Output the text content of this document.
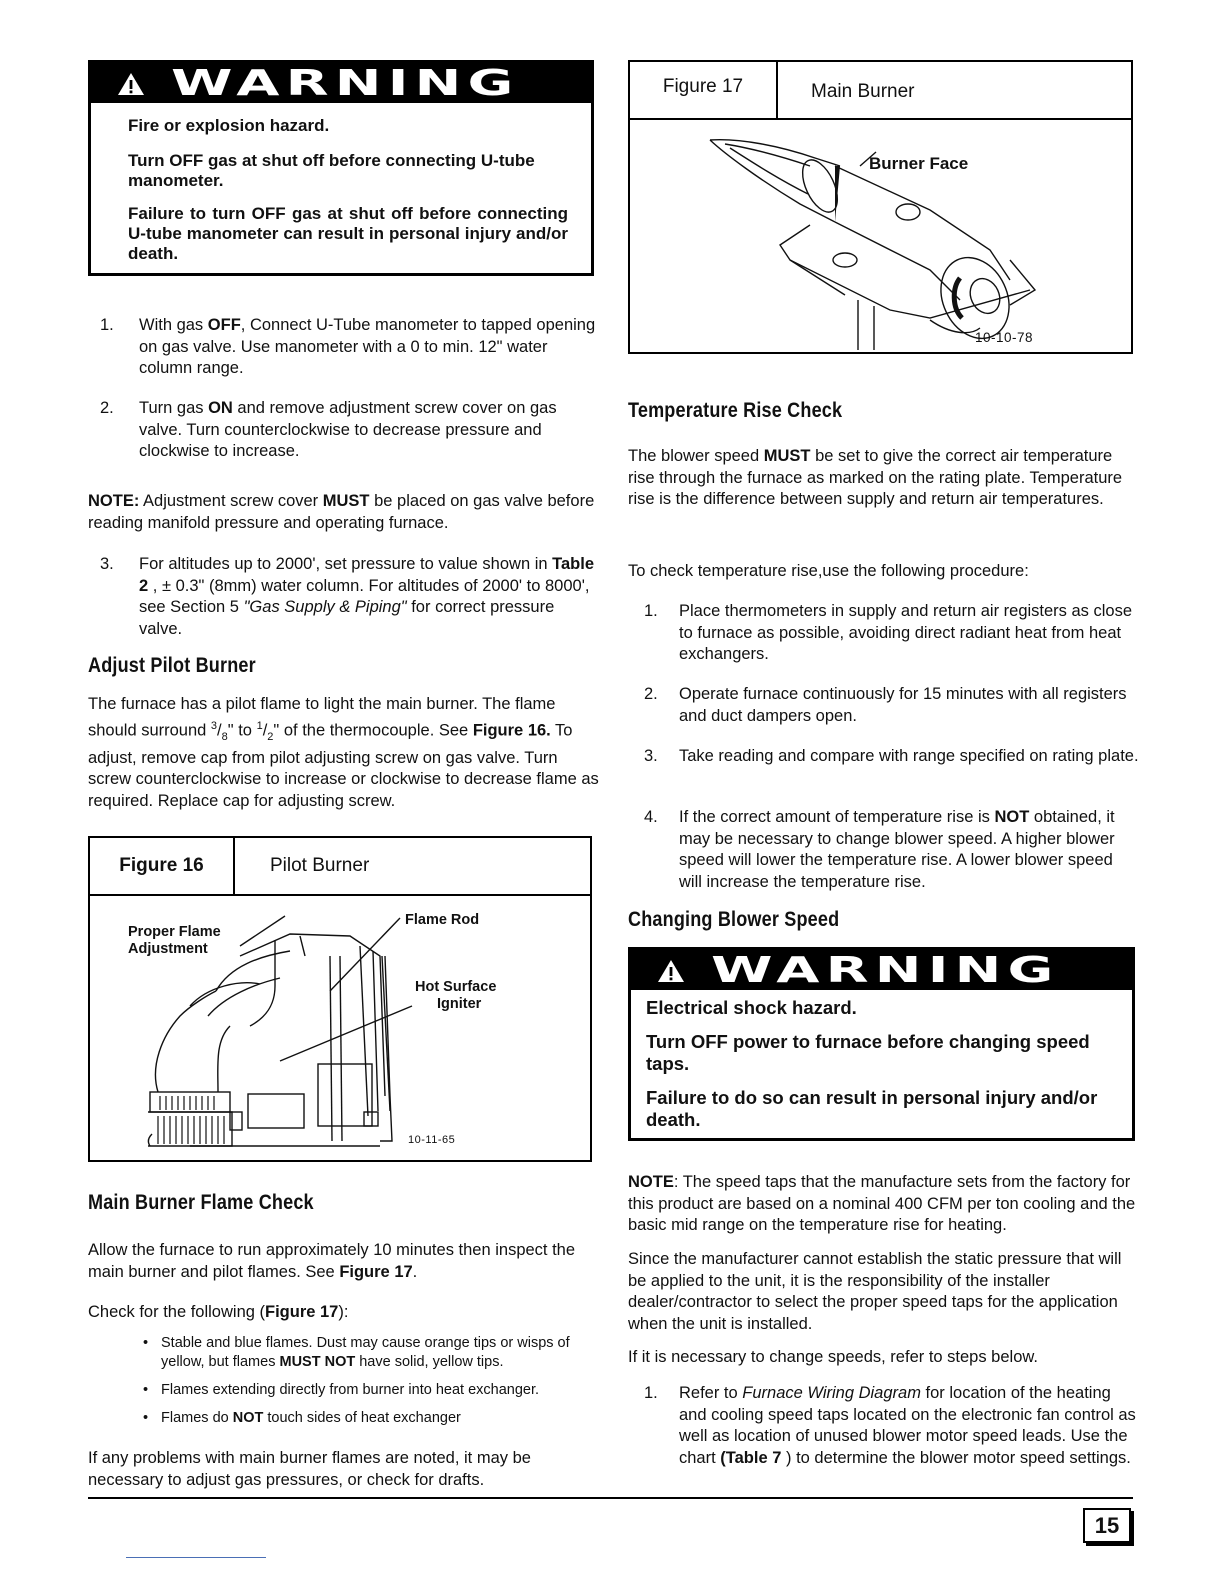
WARNING

Fire or explosion hazard.

Turn OFF gas at shut off before connecting U-tube manometer.

Failure to turn OFF gas at shut off before connecting U-tube manometer can result in personal injury and/or death.

1. With gas OFF, Connect U-Tube manometer to tapped opening on gas valve. Use manometer with a 0 to min. 12" water column range.

2. Turn gas ON and remove adjustment screw cover on gas valve. Turn counterclockwise to decrease pressure and clockwise to increase.

NOTE: Adjustment screw cover MUST be placed on gas valve before reading manifold pressure and operating furnace.

3. For altitudes up to 2000', set pressure to value shown in Table 2 , ± 0.3" (8mm) water column. For altitudes of 2000' to 8000', see Section 5 "Gas Supply & Piping" for correct pressure valve.

Adjust Pilot Burner

The furnace has a pilot flame to light the main burner. The flame should surround $^3/_8$" to $^1/_2$" of the thermocouple. See Figure 16. To adjust, remove cap from pilot adjusting screw on gas valve. Turn screw counterclockwise to increase or clockwise to decrease flame as required. Replace cap for adjusting screw.

Figure 16	Pilot Burner
Proper Flame
Adjustment
Flame Rod
Hot Surface
Igniter
10-11-65
Main Burner Flame Check

Allow the furnace to run approximately 10 minutes then inspect the main burner and pilot flames. See Figure 17.

Check for the following (Figure 17):

• Stable and blue flames. Dust may cause orange tips or wisps of yellow, but flames MUST NOT have solid, yellow tips.

• Flames extending directly from burner into heat exchanger.

• Flames do NOT touch sides of heat exchanger

If any problems with main burner flames are noted, it may be necessary to adjust gas pressures, or check for drafts.

Figure 17	Main Burner
Burner Face
10-10-78
Temperature Rise Check

The blower speed MUST be set to give the correct air temperature rise through the furnace as marked on the rating plate. Temperature rise is the difference between supply and return air temperatures.

To check temperature rise,use the following procedure:

1. Place thermometers in supply and return air registers as close to furnace as possible, avoiding direct radiant heat from heat exchangers.

2. Operate furnace continuously for 15 minutes with all registers and duct dampers open.

3. Take reading and compare with range specified on rating plate.

4. If the correct amount of temperature rise is NOT obtained, it may be necessary to change blower speed. A higher blower speed will lower the temperature rise. A lower blower speed will increase the temperature rise.

Changing Blower Speed
WARNING

Electrical shock hazard.

Turn OFF power to furnace before changing speed taps.

Failure to do so can result in personal injury and/or death.

NOTE: The speed taps that the manufacture sets from the factory for this product are based on a nominal 400 CFM per ton cooling and the basic mid range on the temperature rise for heating.

Since the manufacturer cannot establish the static pressure that will be applied to the unit, it is the responsibility of the installer dealer/contractor to select the proper speed taps for the application when the unit is installed.

If it is necessary to change speeds, refer to steps below.

1. Refer to Furnace Wiring Diagram for location of the heating and cooling speed taps located on the electronic fan control as well as location of unused blower motor speed leads. Use the chart (Table 7 ) to determine the blower motor speed settings.

15
